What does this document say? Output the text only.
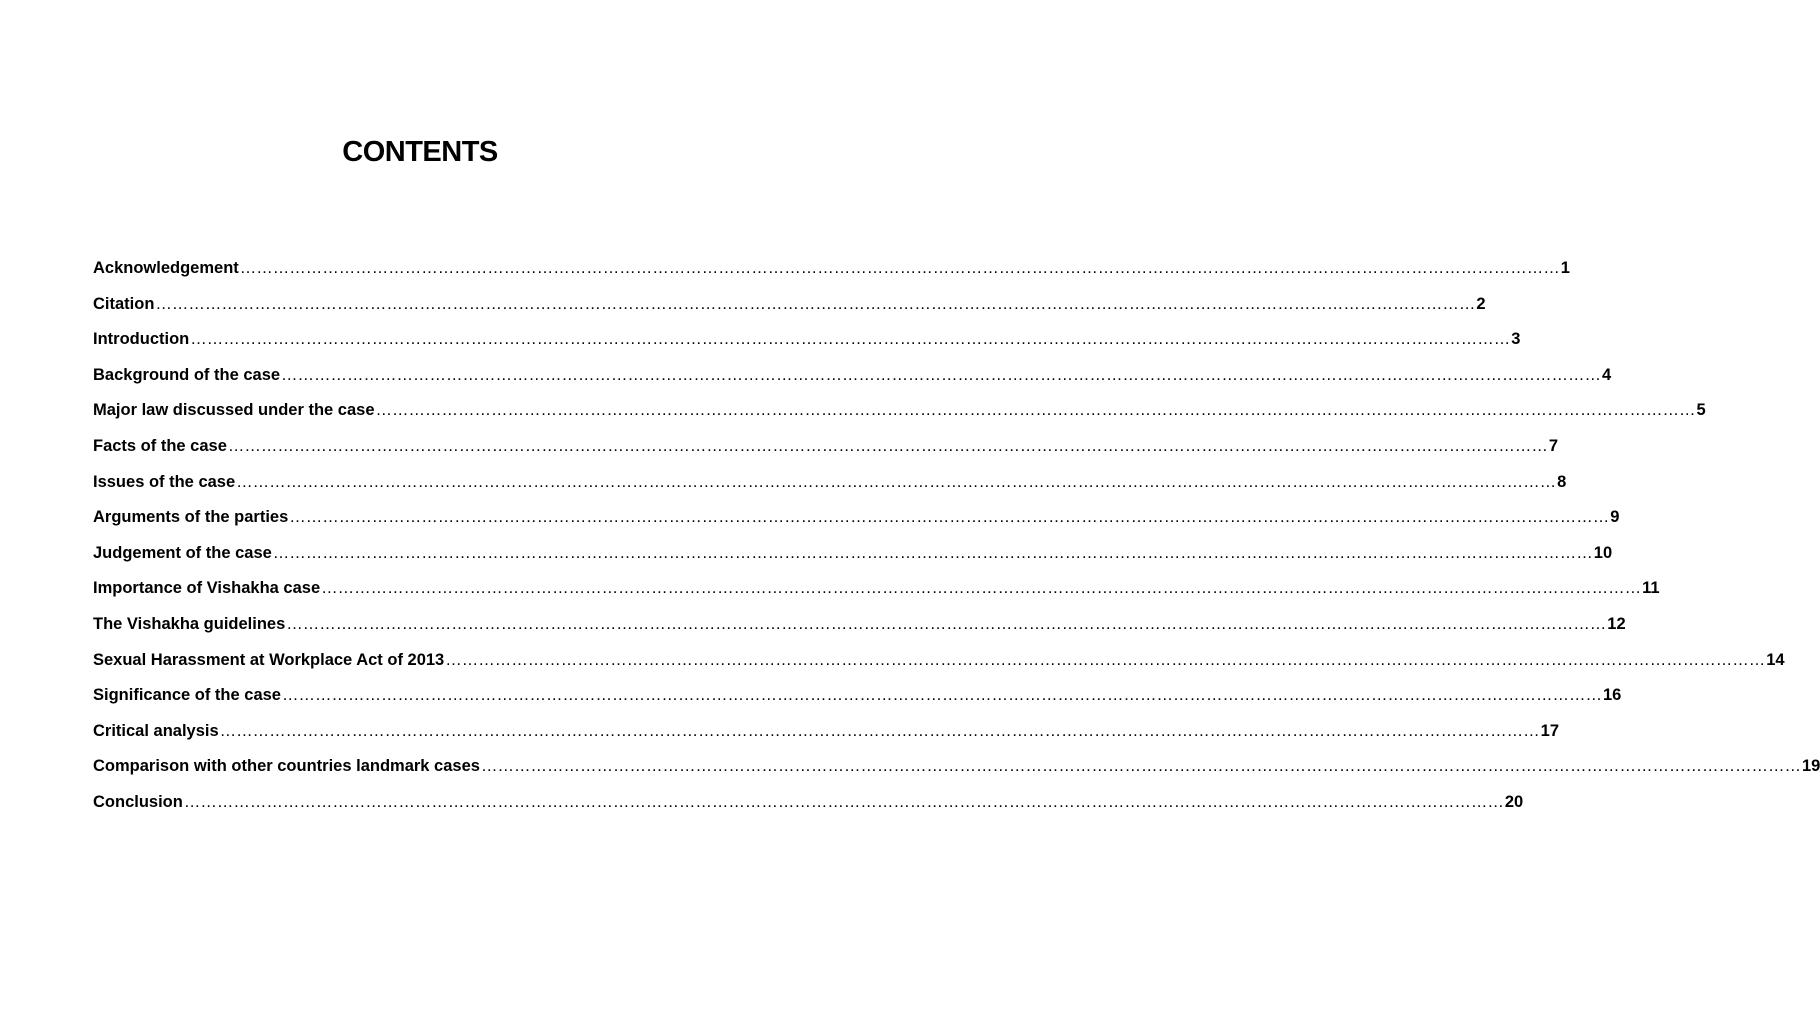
CONTENTS
Acknowledgement …………………………………………………………………………………………………………………………………………………………………………………………………………………… 1
Citation …………………………………………………………………………………………………………………………………………………………………………………………………………………… 2
Introduction …………………………………………………………………………………………………………………………………………………………………………………………………………………… 3
Background of the case …………………………………………………………………………………………………………………………………………………………………………………………………………………… 4
Major law discussed under the case …………………………………………………………………………………………………………………………………………………………………………………………………………………… 5
Facts of the case …………………………………………………………………………………………………………………………………………………………………………………………………………………… 7
Issues of the case …………………………………………………………………………………………………………………………………………………………………………………………………………………… 8
Arguments of the parties …………………………………………………………………………………………………………………………………………………………………………………………………………………… 9
Judgement of the case …………………………………………………………………………………………………………………………………………………………………………………………………………………… 10
Importance of Vishakha case …………………………………………………………………………………………………………………………………………………………………………………………………………………… 11
The Vishakha guidelines …………………………………………………………………………………………………………………………………………………………………………………………………………………… 12
Sexual Harassment at Workplace Act of 2013 …………………………………………………………………………………………………………………………………………………………………………………………………………………… 14
Significance of the case …………………………………………………………………………………………………………………………………………………………………………………………………………………… 16
Critical analysis …………………………………………………………………………………………………………………………………………………………………………………………………………………… 17
Comparison with other countries landmark cases …………………………………………………………………………………………………………………………………………………………………………………………………………………… 19
Conclusion …………………………………………………………………………………………………………………………………………………………………………………………………………………… 20
